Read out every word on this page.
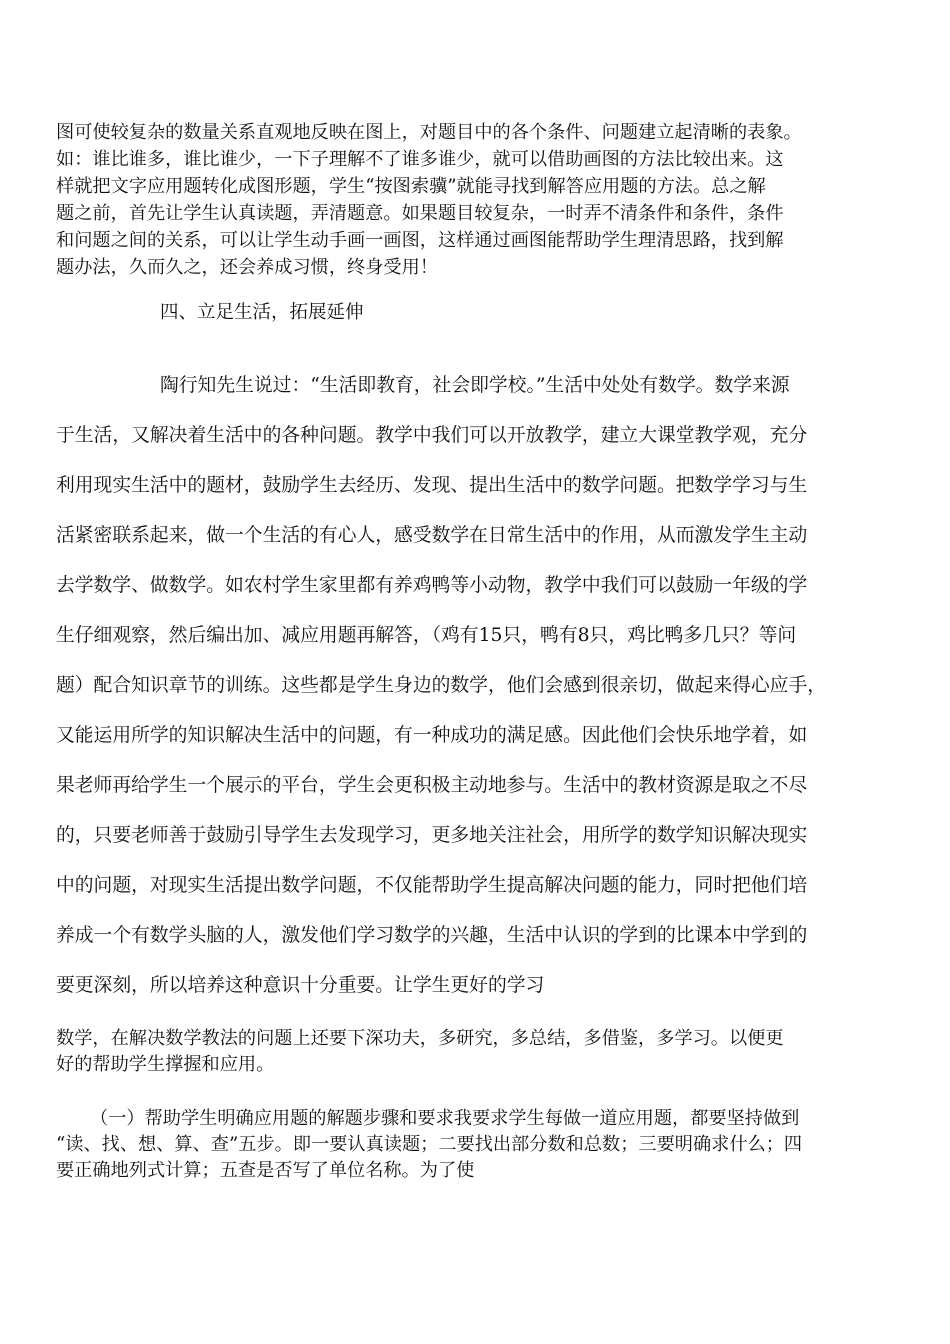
图可使较复杂的数量关系直观地反映在图上，对题目中的各个条件、问题建立起清晰的表象。
如：谁比谁多，谁比谁少，一下子理解不了谁多谁少，就可以借助画图的方法比较出来。这
样就把文字应用题转化成图形题，学生“按图索骥”就能寻找到解答应用题的方法。总之解
题之前，首先让学生认真读题，弄清题意。如果题目较复杂，一时弄不清条件和条件，条件
和问题之间的关系，可以让学生动手画一画图，这样通过画图能帮助学生理清思路，找到解
题办法，久而久之，还会养成习惯，终身受用！
四、立足生活，拓展延伸
陶行知先生说过：“生活即教育，社会即学校。”生活中处处有数学。数学来源
于生活，又解决着生活中的各种问题。教学中我们可以开放教学，建立大课堂教学观，充分
利用现实生活中的题材，鼓励学生去经历、发现、提出生活中的数学问题。把数学学习与生
活紧密联系起来，做一个生活的有心人，感受数学在日常生活中的作用，从而激发学生主动
去学数学、做数学。如农村学生家里都有养鸡鸭等小动物，教学中我们可以鼓励一年级的学
生仔细观察，然后编出加、减应用题再解答，（鸡有15只，鸭有8只，鸡比鸭多几只？等问
题）配合知识章节的训练。这些都是学生身边的数学，他们会感到很亲切，做起来得心应手，
又能运用所学的知识解决生活中的问题，有一种成功的满足感。因此他们会快乐地学着，如
果老师再给学生一个展示的平台，学生会更积极主动地参与。生活中的教材资源是取之不尽
的，只要老师善于鼓励引导学生去发现学习，更多地关注社会，用所学的数学知识解决现实
中的问题，对现实生活提出数学问题，不仅能帮助学生提高解决问题的能力，同时把他们培
养成一个有数学头脑的人，激发他们学习数学的兴趣，生活中认识的学到的比课本中学到的
要更深刻，所以培养这种意识十分重要。让学生更好的学习
数学，在解决数学教法的问题上还要下深功夫，多研究，多总结，多借鉴，多学习。以便更
好的帮助学生撑握和应用。
（一）帮助学生明确应用题的解题步骤和要求我要求学生每做一道应用题，都要坚持做到
“读、找、想、算、查”五步。即一要认真读题；二要找出部分数和总数；三要明确求什么；四
要正确地列式计算；五查是否写了单位名称。为了使
